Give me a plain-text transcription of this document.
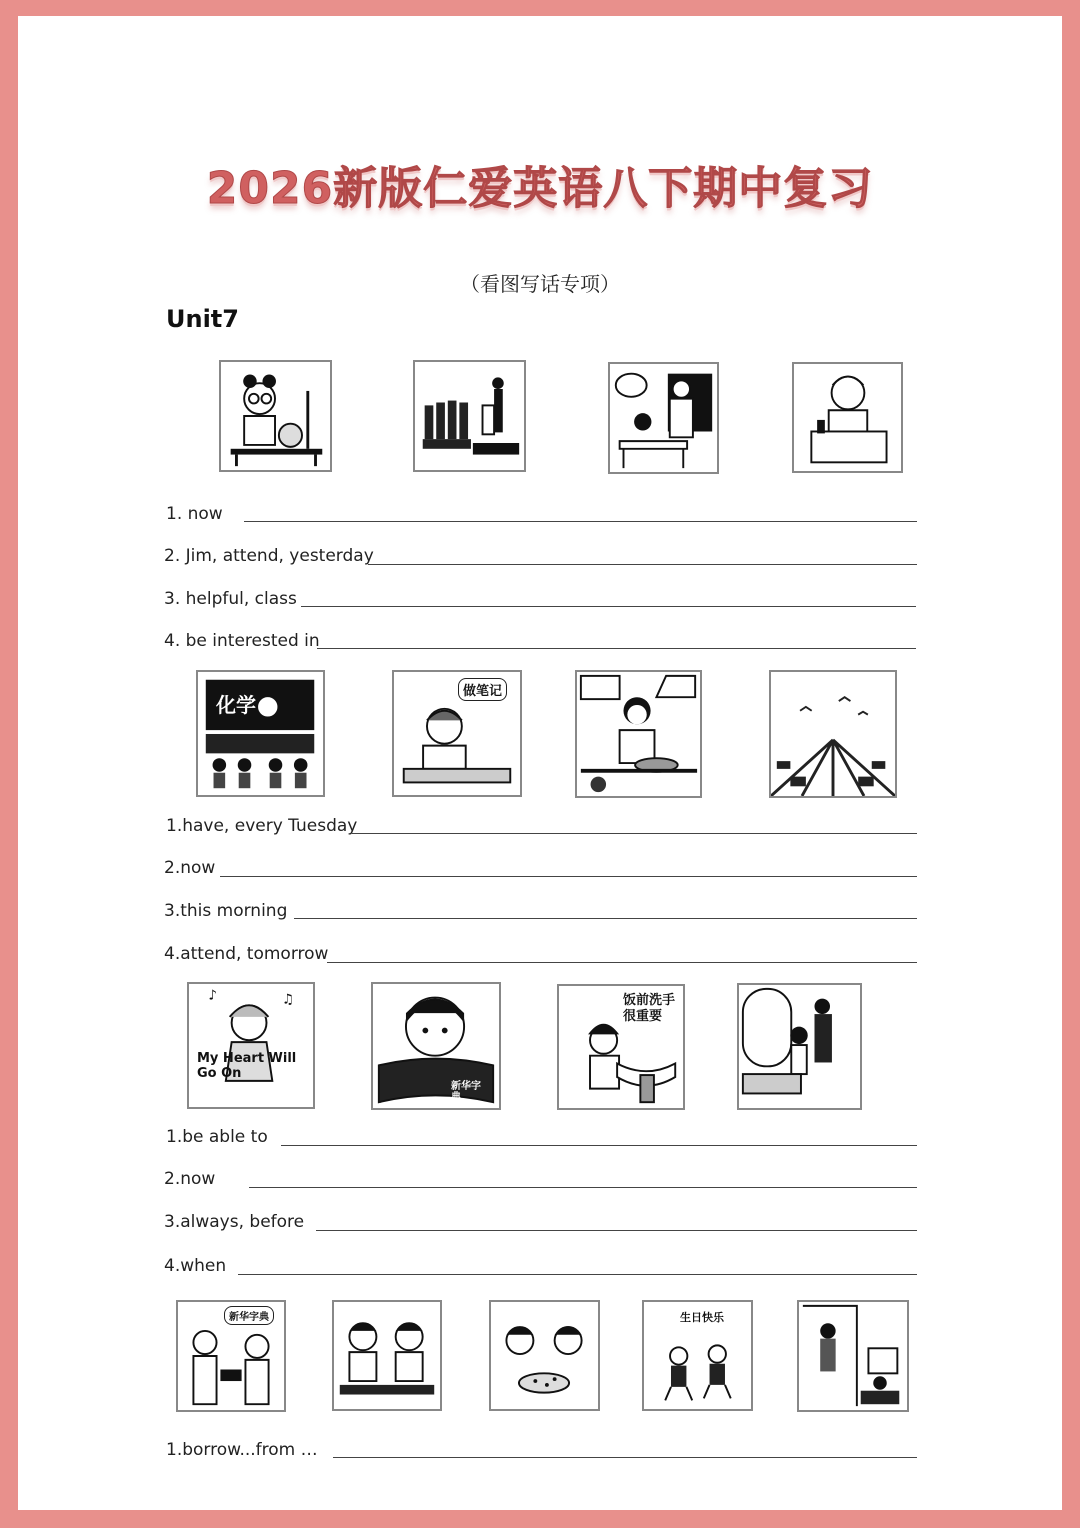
2026新版仁爱英语八下期中复习
（看图写话专项）
Unit7
1. now
2. Jim, attend, yesterday
3. helpful, class
4. be interested in
化学
做笔记
1.have, every Tuesday
2.now
3.this morning
4.attend, tomorrow
♪	♫
My Heart Will Go On
新华字典
饭前洗手很重要
1.be able to
2.now
3.always, before
4.when
新华字典	生日快乐
1.borrow...from …
